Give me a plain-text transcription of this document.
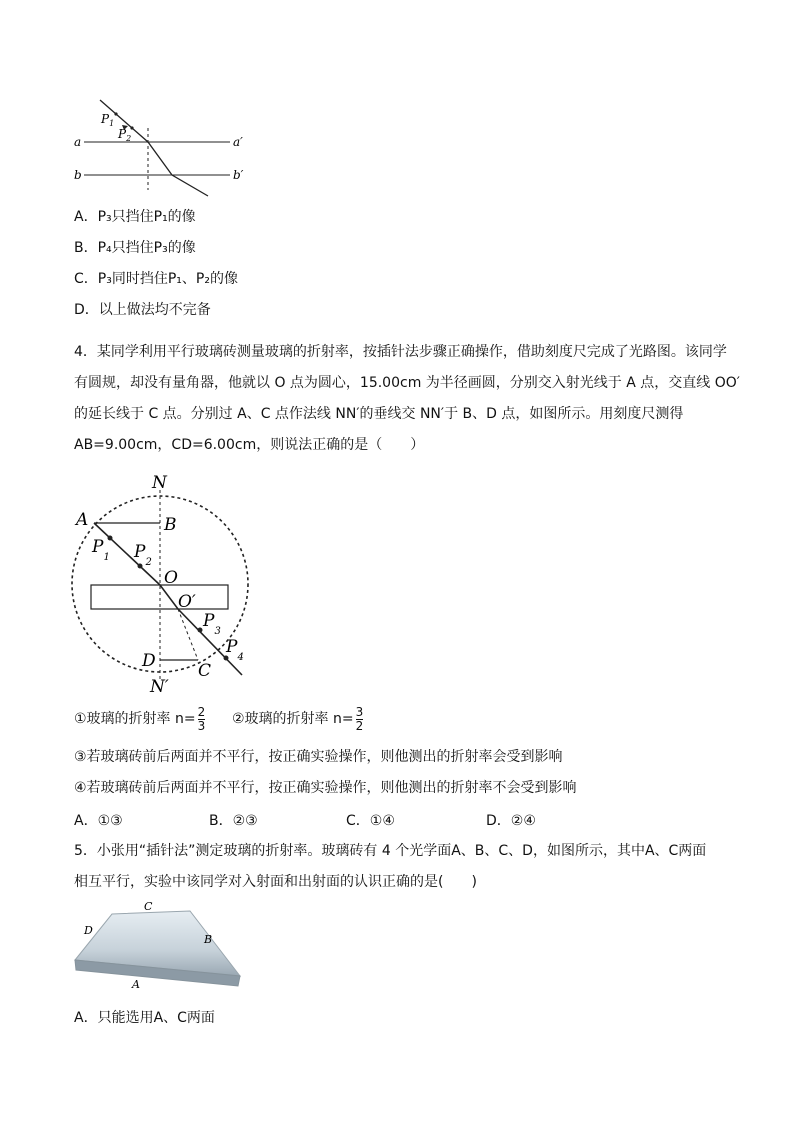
$P_1$
$P_2$
a	a′
b	b′
A．P₃只挡住P₁的像
B．P₄只挡住P₃的像
C．P₃同时挡住P₁、P₂的像
D．以上做法均不完备
4．某同学利用平行玻璃砖测量玻璃的折射率，按插针法步骤正确操作，借助刻度尺完成了光路图。该同学
有圆规，却没有量角器，他就以 O 点为圆心，15.00cm 为半径画圆，分别交入射光线于 A 点，交直线 OO′
的延长线于 C 点。分别过 A、C 点作法线 NN′的垂线交 NN′于 B、D 点，如图所示。用刻度尺测得
AB=9.00cm，CD=6.00cm，则说法正确的是（　　）
N
N′
A	B
O
O′
C
D
$P_1$ $P_2$
$P_3$
$P_4$
①玻璃的折射率 $n= \frac{2}{3}$ ②玻璃的折射率 $n= \frac{3}{2}$
③若玻璃砖前后两面并不平行，按正确实验操作，则他测出的折射率会受到影响
④若玻璃砖前后两面并不平行，按正确实验操作，则他测出的折射率不会受到影响
A．①③	B．②③	C．①④	D．②④
5．小张用“插针法”测定玻璃的折射率。玻璃砖有 4 个光学面A、B、C、D，如图所示，其中A、C两面
相互平行，实验中该同学对入射面和出射面的认识正确的是(　　)
C
D
B
A
A．只能选用A、C两面
